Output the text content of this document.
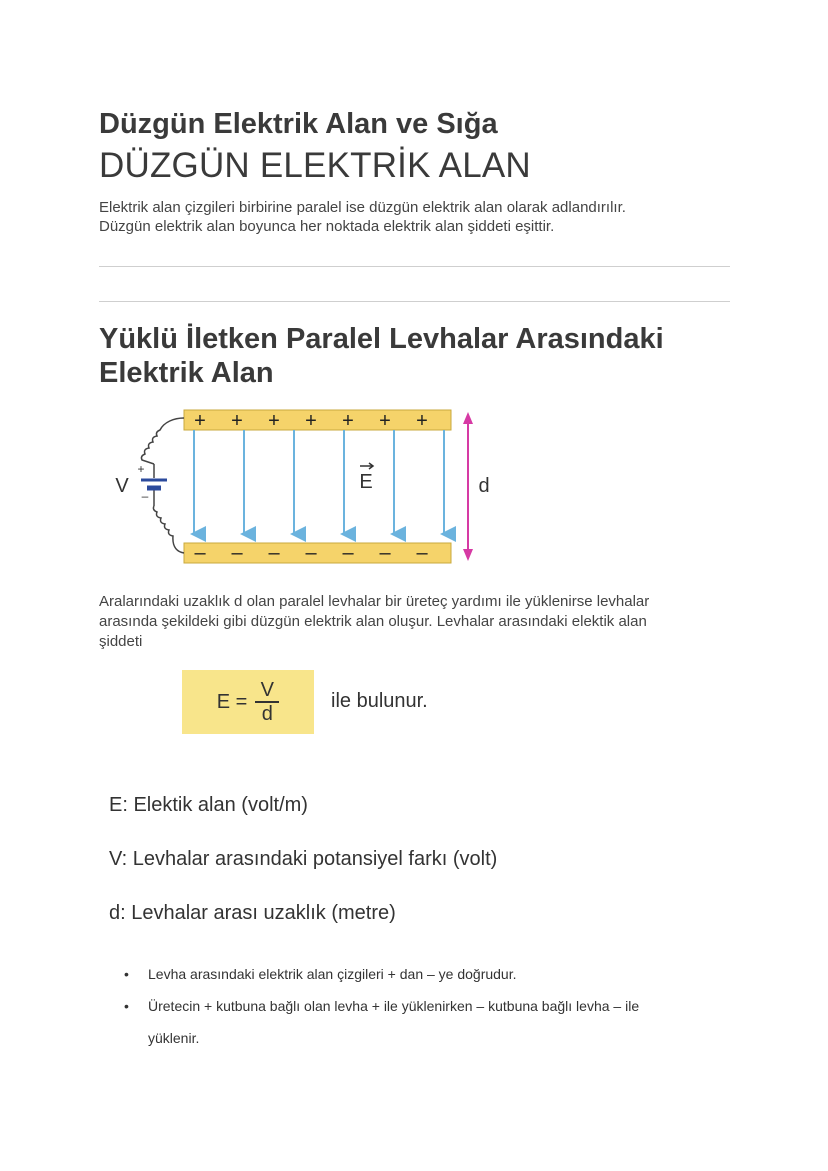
Düzgün Elektrik Alan ve Sığa
DÜZGÜN ELEKTRİK ALAN

Elektrik alan çizgileri birbirine paralel ise düzgün elektrik alan olarak adlandırılır.
Düzgün elektrik alan boyunca her noktada elektrik alan şiddeti eşittir.

Yüklü İletken Paralel Levhalar Arasındaki
Elektrik Alan
+ + + + + + +
– – – – – – –
E	d
+
–
V

Aralarındaki uzaklık d olan paralel levhalar bir üreteç yardımı ile yüklenirse levhalar
arasında şekildeki gibi düzgün elektrik alan oluşur. Levhalar arasındaki elektik alan
şiddeti

$E = \frac{V}{d}$	ile bulunur.
E: Elektik alan (volt/m)
V: Levhalar arasındaki potansiyel farkı (volt)
d: Levhalar arası uzaklık (metre)
• Levha arasındaki elektrik alan çizgileri + dan – ye doğrudur.
• Üretecin + kutbuna bağlı olan levha + ile yüklenirken – kutbuna bağlı levha – ile
yüklenir.
